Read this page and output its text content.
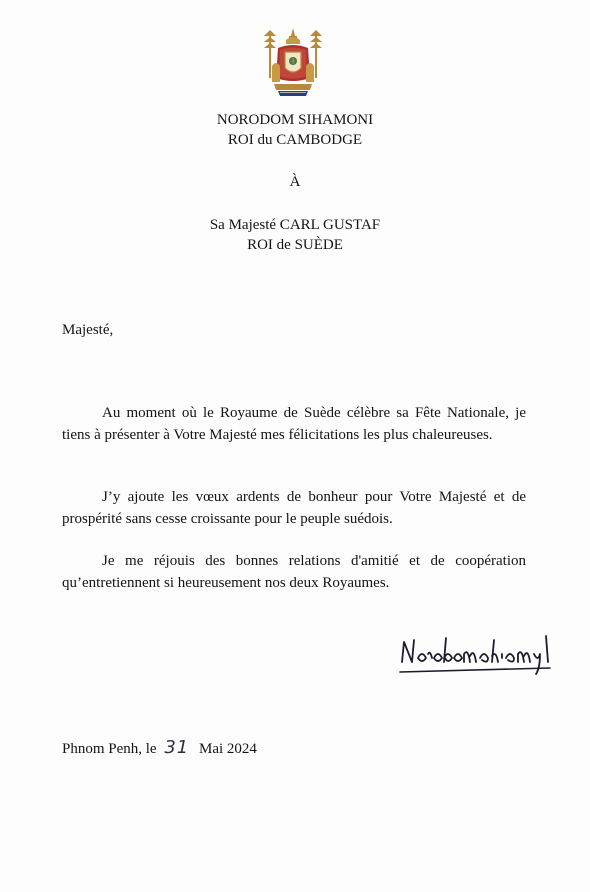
NORODOM SIHAMONI
ROI du CAMBODGE
À
Sa Majesté CARL GUSTAF
ROI de SUÈDE
Majesté,

Au moment où le Royaume de Suède célèbre sa Fête Nationale, je tiens à présenter à Votre Majesté mes félicitations les plus chaleureuses.

J’y ajoute les vœux ardents de bonheur pour Votre Majesté et de prospérité sans cesse croissante pour le peuple suédois.

Je me réjouis des bonnes relations d'amitié et de coopération qu’entretiennent si heureusement nos deux Royaumes.

Phnom Penh, le 31 Mai 2024
